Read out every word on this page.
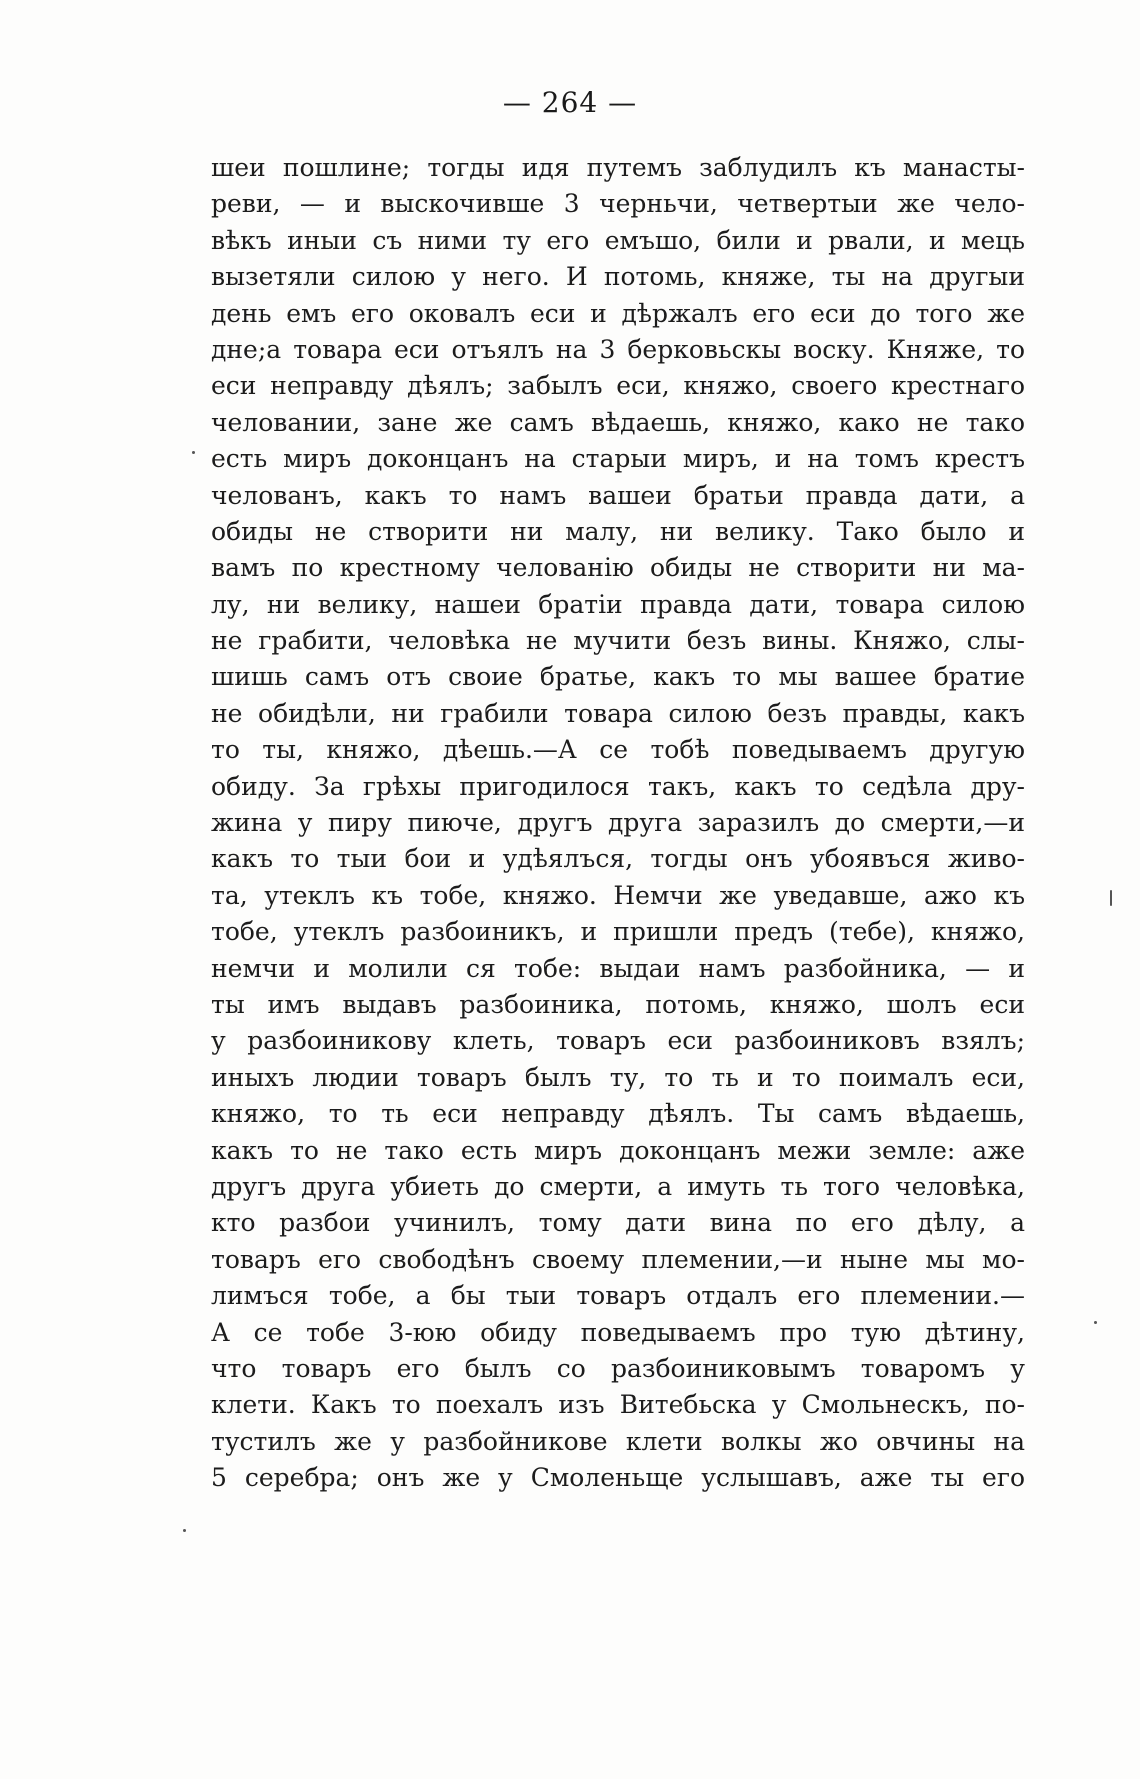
— 264 —
шеи пошлине; тогды идя путемъ заблудилъ къ манасты-
реви, — и выскочивше 3 черньчи, четвертыи же чело-
вѣкъ иныи съ ними ту его емъшо, били и рвали, и мець
вызетяли силою у него. И потомь, княже, ты на другыи
день емъ его оковалъ еси и дѣржалъ его еси до того же
дне;а товара еси отъялъ на 3 берковьскы воску. Княже, то
еси неправду дѣялъ; забылъ еси, княжо, своего крестнаго
человании, зане же самъ вѣдаешь, княжо, како не тако
есть миръ доконцанъ на старыи миръ, и на томъ крестъ
челованъ, какъ то намъ вашеи братьи правда дати, а
обиды не створити ни малу, ни велику. Тако было и
вамъ по крестному челованію обиды не створити ни ма-
лу, ни велику, нашеи братіи правда дати, товара силою
не грабити, человѣка не мучити безъ вины. Княжо, слы-
шишь самъ отъ своие братье, какъ то мы вашее братие
не обидѣли, ни грабили товара силою безъ правды, какъ
то ты, княжо, дѣешь.—А се тобѣ поведываемъ другую
обиду. За грѣхы пригодилося такъ, какъ то седѣла дру-
жина у пиру пиюче, другъ друга заразилъ до смерти,—и
какъ то тыи бои и удѣялъся, тогды онъ убоявъся живо-
та, утеклъ къ тобе, княжо. Немчи же уведавше, ажо къ
тобе, утеклъ разбоиникъ, и пришли предъ (тебе), княжо,
немчи и молили ся тобе: выдаи намъ разбойника, — и
ты имъ выдавъ разбоиника, потомь, княжо, шолъ еси
у разбоиникову клеть, товаръ еси разбоиниковъ взялъ;
иныхъ людии товаръ былъ ту, то ть и то поималъ еси,
княжо, то ть еси неправду дѣялъ. Ты самъ вѣдаешь,
какъ то не тако есть миръ доконцанъ межи земле: аже
другъ друга убиеть до смерти, а имуть ть того человѣка,
кто разбои учинилъ, тому дати вина по его дѣлу, а
товаръ его свободѣнъ своему племении,—и ныне мы мо-
лимъся тобе, а бы тыи товаръ отдалъ его племении.—
А се тобе 3-юю обиду поведываемъ про тую дѣтину,
что товаръ его былъ со разбоиниковымъ товаромъ у
клети. Какъ то поехалъ изъ Витебьска у Смольнескъ, по-
тустилъ же у разбойникове клети волкы жо овчины на
5 серебра; онъ же у Смоленьще услышавъ, аже ты его
